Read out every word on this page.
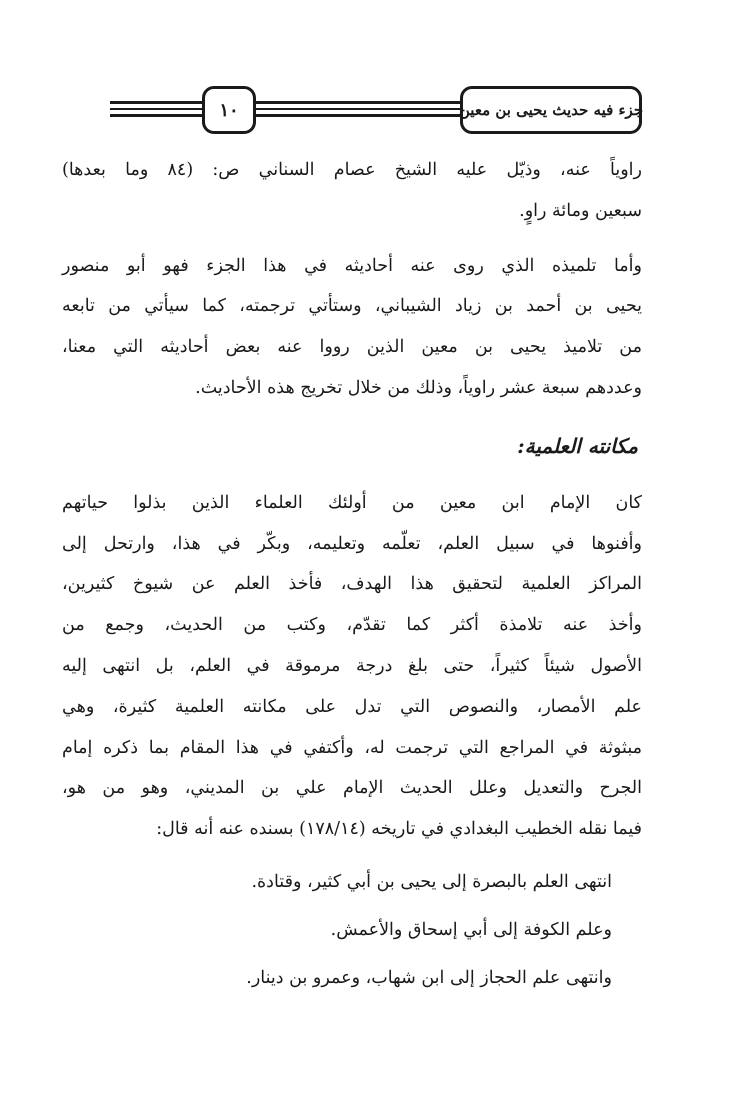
١٠	جزء فيه حديث يحيى بن معين
راوياً عنه، وذيّل عليه الشيخ عصام السناني ص: (٨٤ وما بعدها)
سبعين ومائة راوٍ.
وأما تلميذه الذي روى عنه أحاديثه في هذا الجزء فهو أبو منصور
يحيى بن أحمد بن زياد الشيباني، وستأتي ترجمته، كما سيأتي من تابعه
من تلاميذ يحيى بن معين الذين رووا عنه بعض أحاديثه التي معنا،
وعددهم سبعة عشر راوياً، وذلك من خلال تخريج هذه الأحاديث.
مكانته العلمية:
كان الإمام ابن معين من أولئك العلماء الذين بذلوا حياتهم
وأفنوها في سبيل العلم، تعلّمه وتعليمه، وبكّر في هذا، وارتحل إلى
المراكز العلمية لتحقيق هذا الهدف، فأخذ العلم عن شيوخ كثيرين،
وأخذ عنه تلامذة أكثر كما تقدّم، وكتب من الحديث، وجمع من
الأصول شيئاً كثيراً، حتى بلغ درجة مرموقة في العلم، بل انتهى إليه
علم الأمصار، والنصوص التي تدل على مكانته العلمية كثيرة، وهي
مبثوثة في المراجع التي ترجمت له، وأكتفي في هذا المقام بما ذكره إمام
الجرح والتعديل وعلل الحديث الإمام علي بن المديني، وهو من هو،
فيما نقله الخطيب البغدادي في تاريخه (١٧٨/١٤) بسنده عنه أنه قال:
انتهى العلم بالبصرة إلى يحيى بن أبي كثير، وقتادة.
وعلم الكوفة إلى أبي إسحاق والأعمش.
وانتهى علم الحجاز إلى ابن شهاب، وعمرو بن دينار.
